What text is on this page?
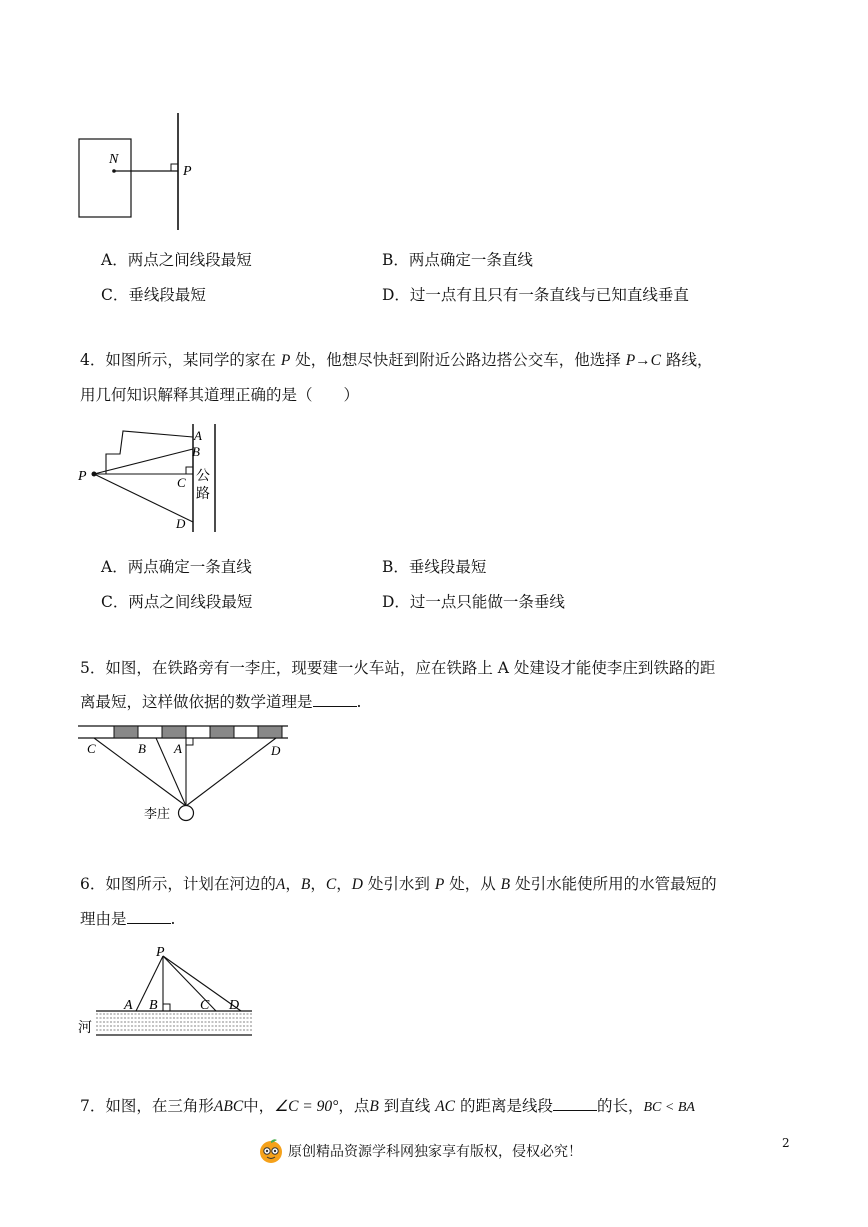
N
P
A．两点之间线段最短	B．两点确定一条直线
C．垂线段最短	D．过一点有且只有一条直线与已知直线垂直
4．如图所示，某同学的家在 P 处，他想尽快赶到附近公路边搭公交车，他选择 P→C 路线，
用几何知识解释其道理正确的是（　　）
P
A
B
C
D
公
路
A．两点确定一条直线	B．垂线段最短
C．两点之间线段最短	D．过一点只能做一条垂线
5．如图，在铁路旁有一李庄，现要建一火车站，应在铁路上 A 处建设才能使李庄到铁路的距
离最短，这样做依据的数学道理是	.
C	B A	D
李庄
6．如图所示，计划在河边的A，B，C，D 处引水到 P 处，从 B 处引水能使所用的水管最短的
理由是	.
P
A B	C D
河
7．如图，在三角形ABC中，∠C = 90°，点B 到直线 AC 的距离是线段	的长，BC < BA
2
原创精品资源学科网独家享有版权，侵权必究！
